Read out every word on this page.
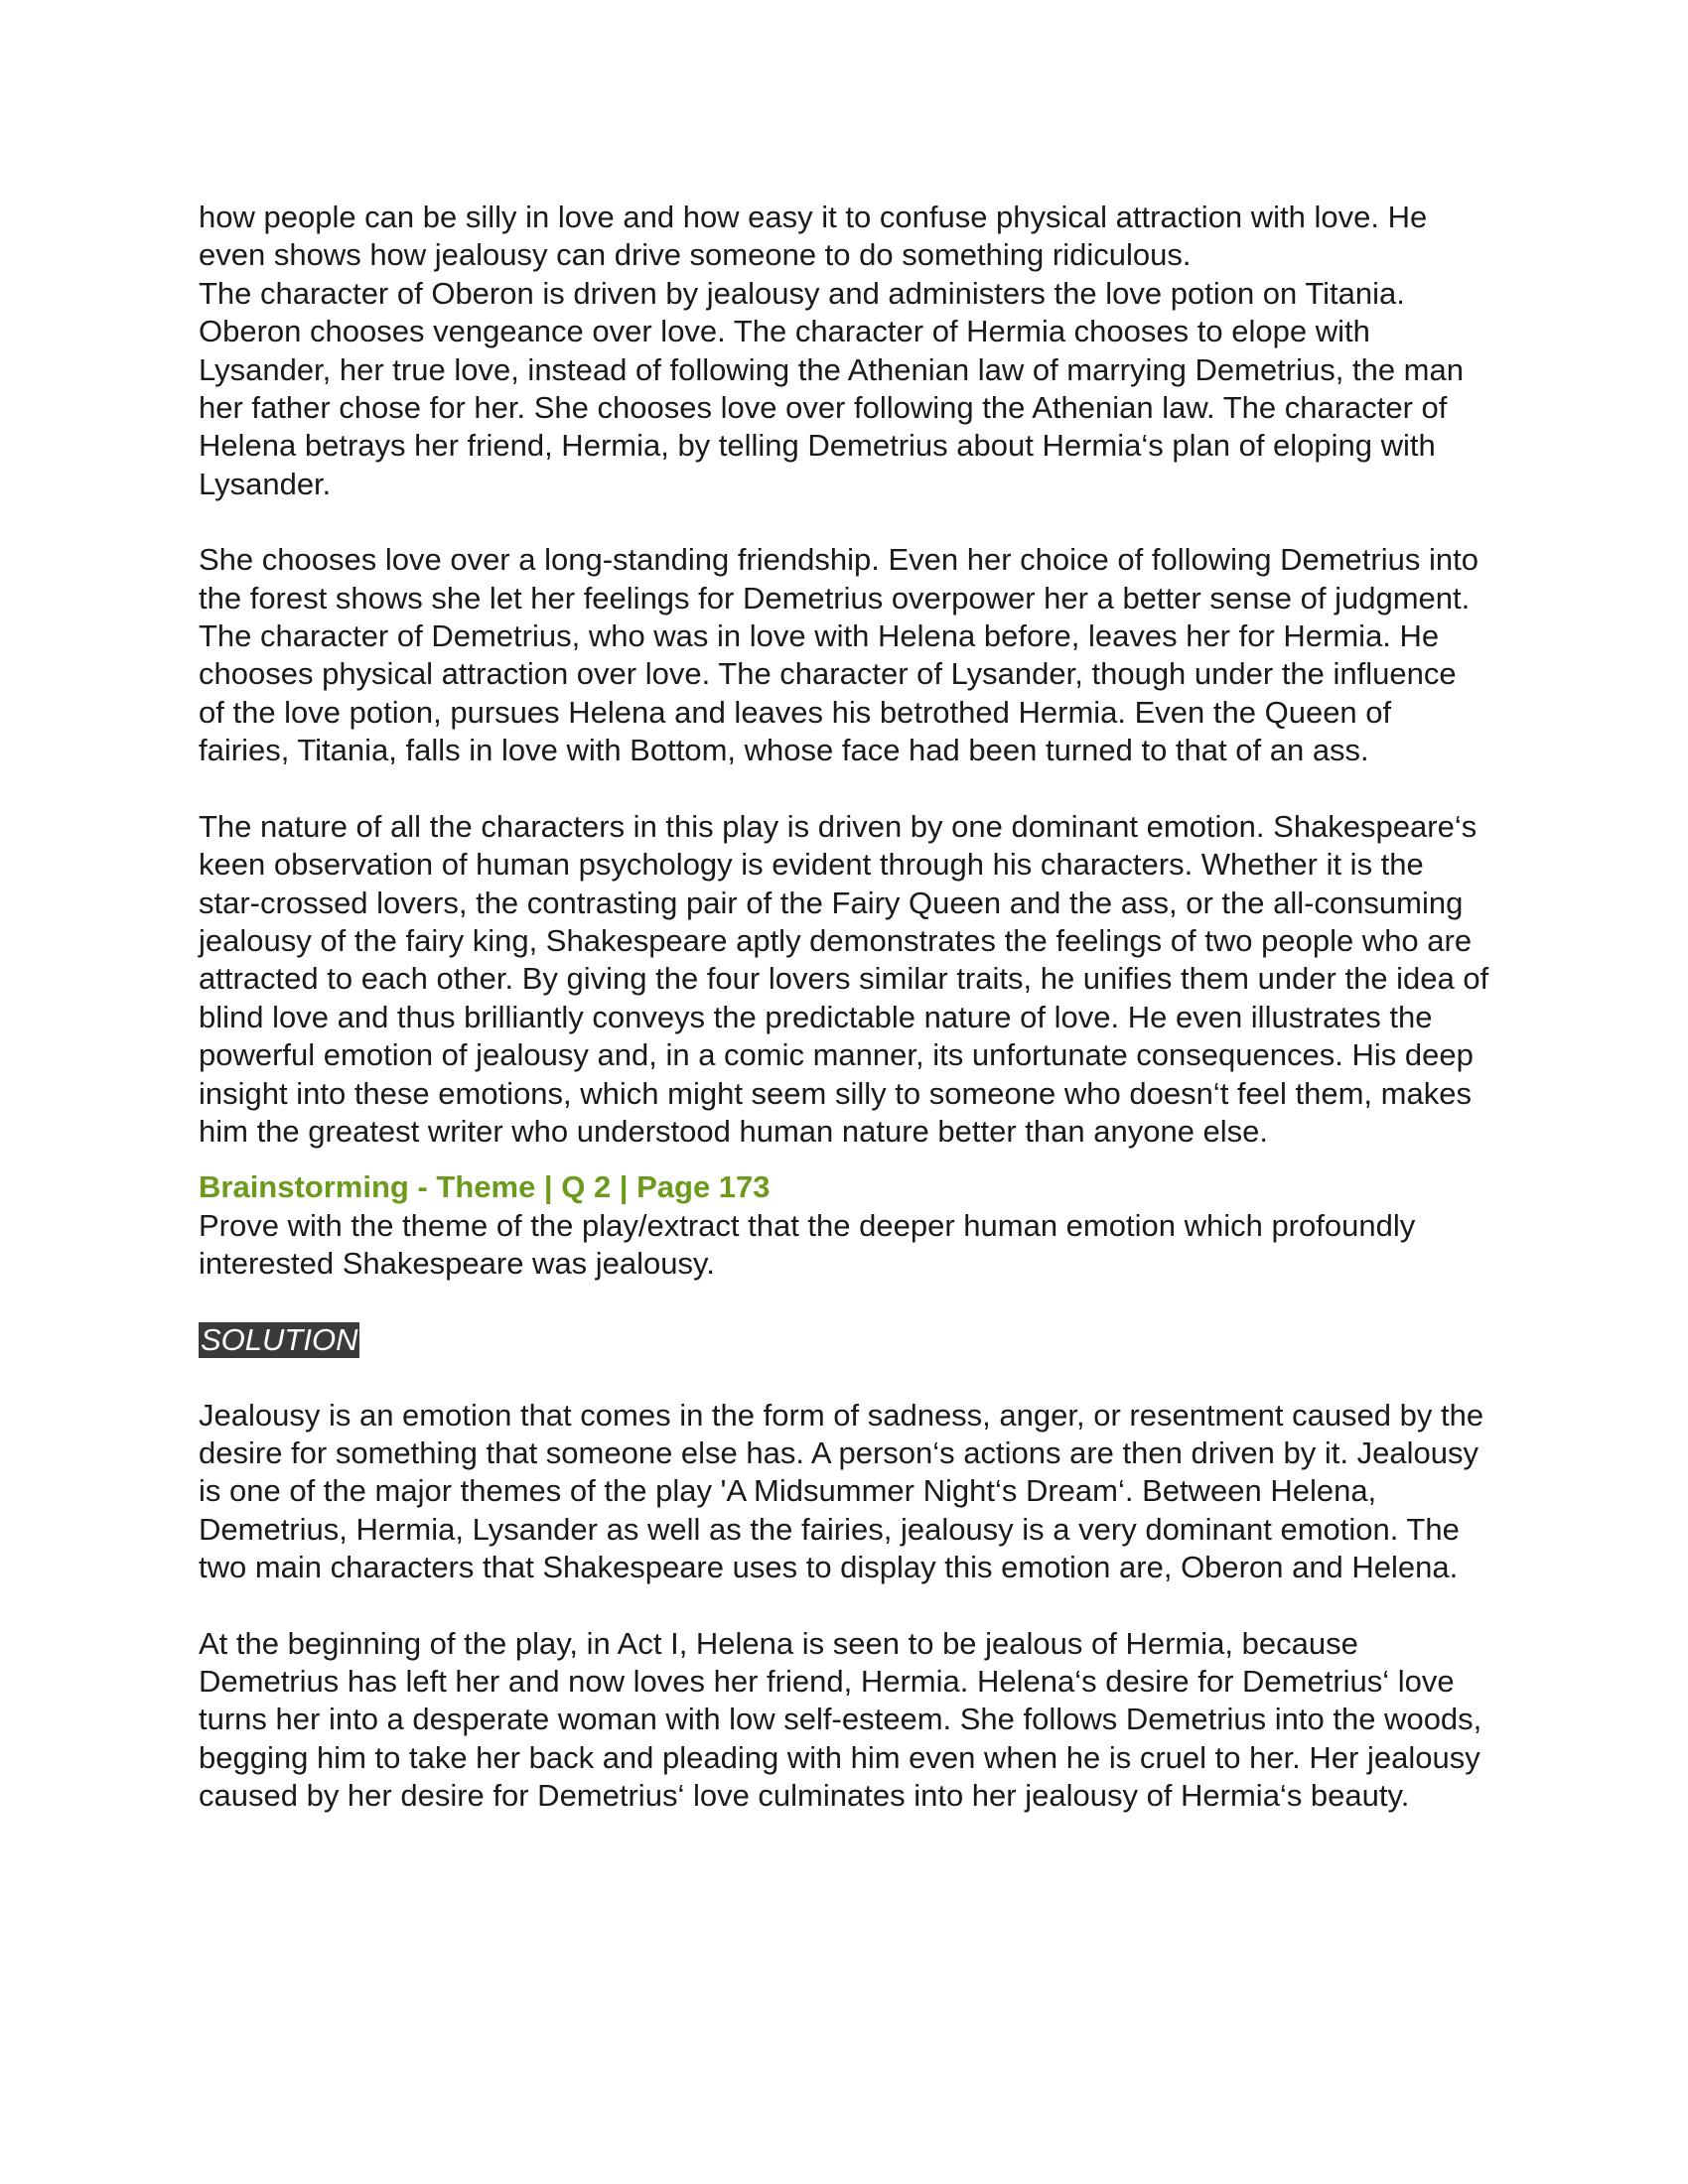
how people can be silly in love and how easy it to confuse physical attraction with love. He even shows how jealousy can drive someone to do something ridiculous.

The character of Oberon is driven by jealousy and administers the love potion on Titania. Oberon chooses vengeance over love. The character of Hermia chooses to elope with Lysander, her true love, instead of following the Athenian law of marrying Demetrius, the man her father chose for her. She chooses love over following the Athenian law. The character of Helena betrays her friend, Hermia, by telling Demetrius about Hermia‘s plan of eloping with Lysander.

She chooses love over a long-standing friendship. Even her choice of following Demetrius into the forest shows she let her feelings for Demetrius overpower her a better sense of judgment. The character of Demetrius, who was in love with Helena before, leaves her for Hermia. He chooses physical attraction over love. The character of Lysander, though under the influence of the love potion, pursues Helena and leaves his betrothed Hermia. Even the Queen of fairies, Titania, falls in love with Bottom, whose face had been turned to that of an ass.

The nature of all the characters in this play is driven by one dominant emotion. Shakespeare‘s keen observation of human psychology is evident through his characters. Whether it is the star-crossed lovers, the contrasting pair of the Fairy Queen and the ass, or the all-consuming jealousy of the fairy king, Shakespeare aptly demonstrates the feelings of two people who are attracted to each other. By giving the four lovers similar traits, he unifies them under the idea of blind love and thus brilliantly conveys the predictable nature of love. He even illustrates the powerful emotion of jealousy and, in a comic manner, its unfortunate consequences. His deep insight into these emotions, which might seem silly to someone who doesn‘t feel them, makes him the greatest writer who understood human nature better than anyone else.

Brainstorming - Theme | Q 2 | Page 173

Prove with the theme of the play/extract that the deeper human emotion which profoundly interested Shakespeare was jealousy.

SOLUTION

Jealousy is an emotion that comes in the form of sadness, anger, or resentment caused by the desire for something that someone else has. A person‘s actions are then driven by it. Jealousy is one of the major themes of the play 'A Midsummer Night‘s Dream‘. Between Helena, Demetrius, Hermia, Lysander as well as the fairies, jealousy is a very dominant emotion. The two main characters that Shakespeare uses to display this emotion are, Oberon and Helena.

At the beginning of the play, in Act I, Helena is seen to be jealous of Hermia, because Demetrius has left her and now loves her friend, Hermia. Helena‘s desire for Demetrius‘ love turns her into a desperate woman with low self-esteem. She follows Demetrius into the woods, begging him to take her back and pleading with him even when he is cruel to her. Her jealousy caused by her desire for Demetrius‘ love culminates into her jealousy of Hermia‘s beauty.
